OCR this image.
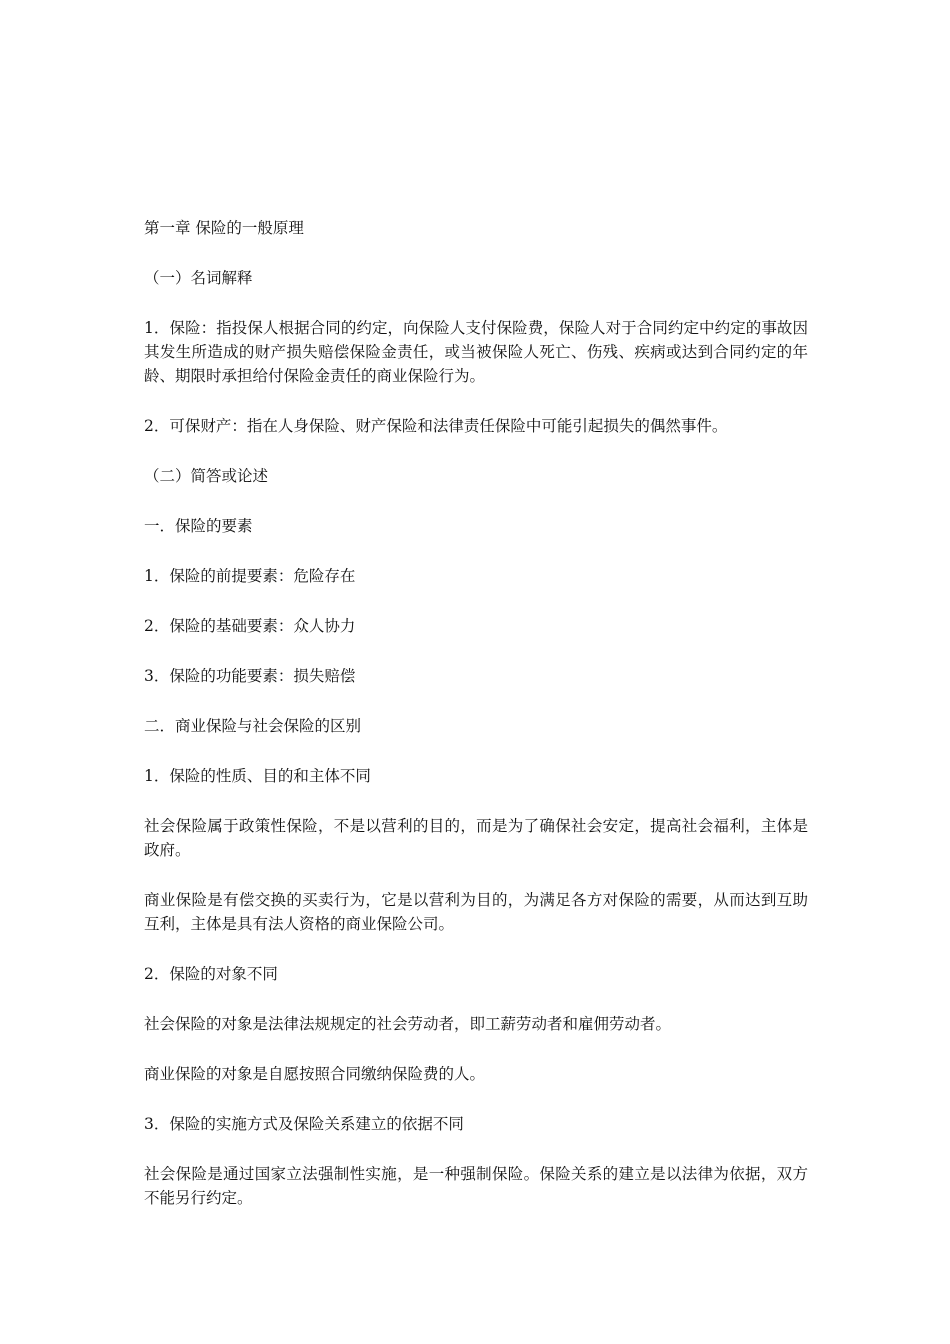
第一章 保险的一般原理

（一）名词解释

1．保险：指投保人根据合同的约定，向保险人支付保险费，保险人对于合同约定中约定的事故因其发生所造成的财产损失赔偿保险金责任，或当被保险人死亡、伤残、疾病或达到合同约定的年龄、期限时承担给付保险金责任的商业保险行为。

2．可保财产：指在人身保险、财产保险和法律责任保险中可能引起损失的偶然事件。

（二）简答或论述

一．保险的要素

1．保险的前提要素：危险存在

2．保险的基础要素：众人协力

3．保险的功能要素：损失赔偿

二．商业保险与社会保险的区别

1．保险的性质、目的和主体不同

社会保险属于政策性保险，不是以营利的目的，而是为了确保社会安定，提高社会福利，主体是政府。

商业保险是有偿交换的买卖行为，它是以营利为目的，为满足各方对保险的需要，从而达到互助互利，主体是具有法人资格的商业保险公司。

2．保险的对象不同

社会保险的对象是法律法规规定的社会劳动者，即工薪劳动者和雇佣劳动者。

商业保险的对象是自愿按照合同缴纳保险费的人。

3．保险的实施方式及保险关系建立的依据不同

社会保险是通过国家立法强制性实施，是一种强制保险。保险关系的建立是以法律为依据，双方不能另行约定。
